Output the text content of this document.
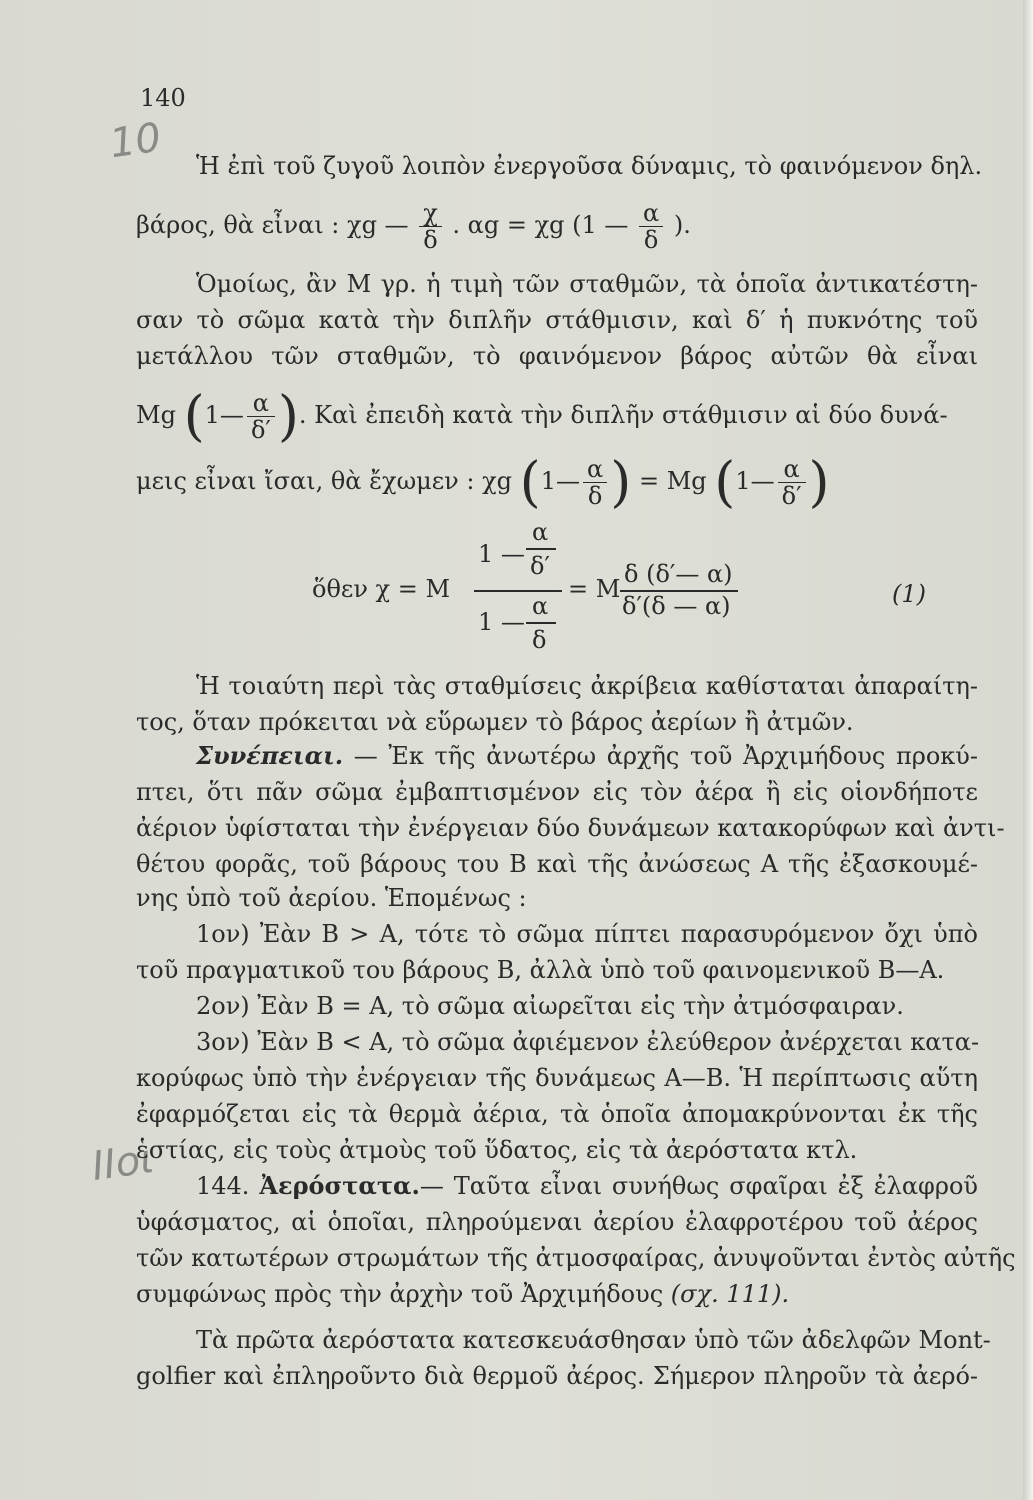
140
10
ΙΙοι
Ἡ ἐπὶ τοῦ ζυγοῦ λοιπὸν ἐνεργοῦσα δύναμις, τὸ φαινόμενον δηλ.
βάρος, θὰ εἶναι : χg — $\frac{\chi}{\delta}$ . αg = χg (1 — $\frac{\alpha}{\delta}$ ).
Ὁμοίως, ἂν Μ γρ. ἡ τιμὴ τῶν σταθμῶν, τὰ ὁποῖα ἀντικατέστη-
σαν τὸ σῶμα κατὰ τὴν διπλῆν στάθμισιν, καὶ δ′ ἡ πυκνότης τοῦ
μετάλλου τῶν σταθμῶν, τὸ φαινόμενον βάρος αὐτῶν θὰ εἶναι
Mg (1— $\frac{\alpha}{\delta'}$ ). Καὶ ἐπειδὴ κατὰ τὴν διπλῆν στάθμισιν αἱ δύο δυνά-
μεις εἶναι ἴσαι, θὰ ἔχωμεν : χg (1— $\frac{\alpha}{\delta}$ ) = Mg (1— $\frac{\alpha}{\delta'}$ )
ὅθεν χ = M
1 —
α
δ′
1 —
α
δ
= M
δ (δ′— α)
δ′(δ — α)	(1)
Ἡ τοιαύτη περὶ τὰς σταθμίσεις ἀκρίβεια καθίσταται ἀπαραίτη-
τος, ὅταν πρόκειται νὰ εὕρωμεν τὸ βάρος ἀερίων ἢ ἀτμῶν.
Συνέπειαι. — Ἐκ τῆς ἀνωτέρω ἀρχῆς τοῦ Ἀρχιμήδους προκύ-
πτει, ὅτι πᾶν σῶμα ἐμβαπτισμένον εἰς τὸν ἀέρα ἢ εἰς οἱονδήποτε
ἀέριον ὑφίσταται τὴν ἐνέργειαν δύο δυνάμεων κατακορύφων καὶ ἀντι-
θέτου φορᾶς, τοῦ βάρους του B καὶ τῆς ἀνώσεως A τῆς ἐξασκουμέ-
νης ὑπὸ τοῦ ἀερίου. Ἑπομένως :
1ον) Ἐὰν B > A, τότε τὸ σῶμα πίπτει παρασυρόμενον ὄχι ὑπὸ
τοῦ πραγματικοῦ του βάρους B, ἀλλὰ ὑπὸ τοῦ φαινομενικοῦ B—A.
2ον) Ἐὰν B = A, τὸ σῶμα αἰωρεῖται εἰς τὴν ἀτμόσφαιραν.
3ον) Ἐὰν B < A, τὸ σῶμα ἀφιέμενον ἐλεύθερον ἀνέρχεται κατα-
κορύφως ὑπὸ τὴν ἐνέργειαν τῆς δυνάμεως A—B. Ἡ περίπτωσις αὕτη
ἐφαρμόζεται εἰς τὰ θερμὰ ἀέρια, τὰ ὁποῖα ἀπομακρύνονται ἐκ τῆς
ἑστίας, εἰς τοὺς ἀτμοὺς τοῦ ὕδατος, εἰς τὰ ἀερόστατα κτλ.
144. Ἀερόστατα.— Ταῦτα εἶναι συνήθως σφαῖραι ἐξ ἐλαφροῦ
ὑφάσματος, αἱ ὁποῖαι, πληρούμεναι ἀερίου ἐλαφροτέρου τοῦ ἀέρος
τῶν κατωτέρων στρωμάτων τῆς ἀτμοσφαίρας, ἀνυψοῦνται ἐντὸς αὐτῆς
συμφώνως πρὸς τὴν ἀρχὴν τοῦ Ἀρχιμήδους (σχ. 111).
Τὰ πρῶτα ἀερόστατα κατεσκευάσθησαν ὑπὸ τῶν ἀδελφῶν Mont-
golfier καὶ ἐπληροῦντο διὰ θερμοῦ ἀέρος. Σήμερον πληροῦν τὰ ἀερό-
